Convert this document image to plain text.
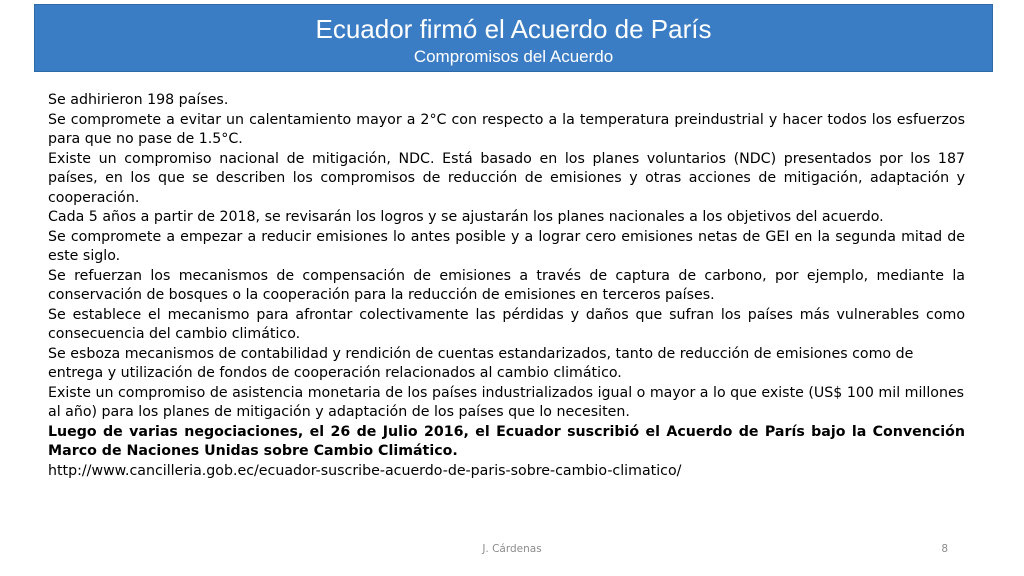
Ecuador firmó el Acuerdo de París
Compromisos del Acuerdo

Se adhirieron 198 países.

Se compromete a evitar un calentamiento mayor a 2°C con respecto a la temperatura preindustrial y hacer todos los esfuerzos para que no pase de 1.5°C.

Existe un compromiso nacional de mitigación, NDC. Está basado en los planes voluntarios (NDC) presentados por los 187 países, en los que se describen los compromisos de reducción de emisiones y otras acciones de mitigación, adaptación y cooperación.

Cada 5 años a partir de 2018, se revisarán los logros y se ajustarán los planes nacionales a los objetivos del acuerdo.

Se compromete a empezar a reducir emisiones lo antes posible y a lograr cero emisiones netas de GEI en la segunda mitad de este siglo.

Se refuerzan los mecanismos de compensación de emisiones a través de captura de carbono, por ejemplo, mediante la conservación de bosques o la cooperación para la reducción de emisiones en terceros países.

Se establece el mecanismo para afrontar colectivamente las pérdidas y daños que sufran los países más vulnerables como consecuencia del cambio climático.

Se esboza mecanismos de contabilidad y rendición de cuentas estandarizados, tanto de reducción de emisiones como de entrega y utilización de fondos de cooperación relacionados al cambio climático.

Existe un compromiso de asistencia monetaria de los países industrializados igual o mayor a lo que existe (US$ 100 mil millones al año) para los planes de mitigación y adaptación de los países que lo necesiten.

Luego de varias negociaciones, el 26 de Julio 2016, el Ecuador suscribió el Acuerdo de París bajo la Convención Marco de Naciones Unidas sobre Cambio Climático.

http://www.cancilleria.gob.ec/ecuador-suscribe-acuerdo-de-paris-sobre-cambio-climatico/

J. Cárdenas	8
